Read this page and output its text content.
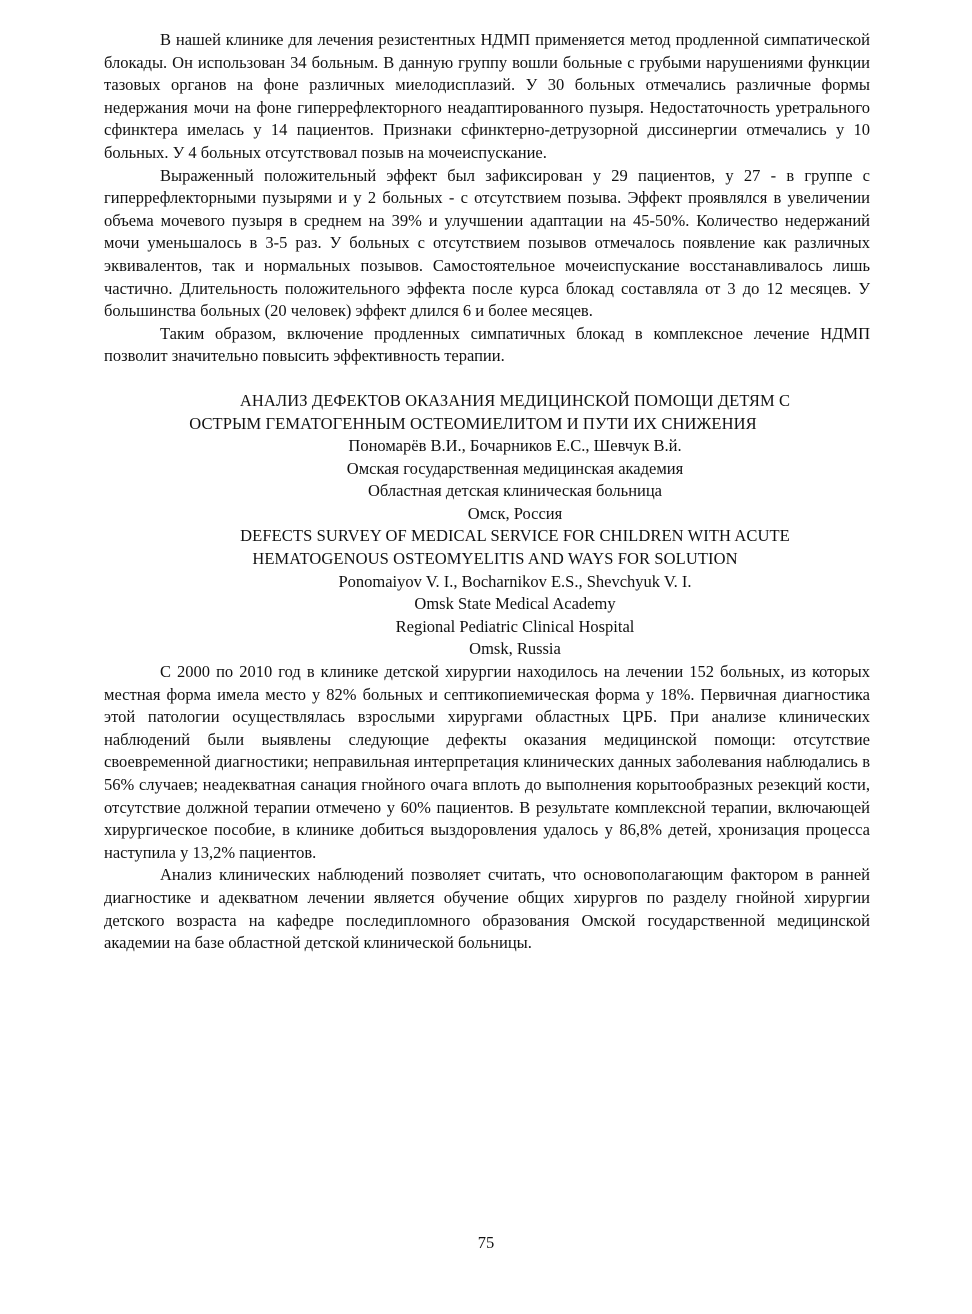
В нашей клинике для лечения резистентных НДМП применяется метод продленной симпатической блокады. Он использован 34 больным. В данную группу вошли больные с грубыми нарушениями функции тазовых органов на фоне различных миелодисплазий. У 30 больных отмечались различные формы недержания мочи на фоне гиперрефлекторного неадаптированного пузыря. Недостаточность уретрального сфинктера имелась у 14 пациентов. Признаки сфинктерно-детрузорной диссинергии отмечались у 10 больных. У 4 больных отсутствовал позыв на мочеиспускание.

Выраженный положительный эффект был зафиксирован у 29 пациентов, у 27 - в группе с гиперрефлекторными пузырями и у 2 больных - с отсутствием позыва. Эффект проявлялся в увеличении объема мочевого пузыря в среднем на 39% и улучшении адаптации на 45-50%. Количество недержаний мочи уменьшалось в 3-5 раз. У больных с отсутствием позывов отмечалось появление как различных эквивалентов, так и нормальных позывов. Самостоятельное мочеиспускание восстанавливалось лишь частично. Длительность положительного эффекта после курса блокад составляла от 3 до 12 месяцев. У большинства больных (20 человек) эффект длился 6 и более месяцев.

Таким образом, включение продленных симпатичных блокад в комплексное лечение НДМП позволит значительно повысить эффективность терапии.

АНАЛИЗ ДЕФЕКТОВ ОКАЗАНИЯ МЕДИЦИНСКОЙ ПОМОЩИ ДЕТЯМ С

ОСТРЫМ ГЕМАТОГЕННЫМ ОСТЕОМИЕЛИТОМ И ПУТИ ИХ СНИЖЕНИЯ

Пономарёв В.И., Бочарников Е.С., Шевчук В.й.

Омская государственная медицинская академия

Областная детская клиническая больница

Омск, Россия

DEFECTS SURVEY OF MEDICAL SERVICE FOR CHILDREN WITH ACUTE

HEMATOGENOUS OSTEOMYELITIS AND WAYS FOR SOLUTION

Ponomaiyov V. I., Bocharnikov E.S., Shevchyuk V. I.

Omsk State Medical Academy

Regional Pediatric Clinical Hospital

Omsk, Russia

С 2000 по 2010 год в клинике детской хирургии находилось на лечении 152 больных, из которых местная форма имела место у 82% больных и септикопиемическая форма у 18%. Первичная диагностика этой патологии осуществлялась взрослыми хирургами областных ЦРБ. При анализе клинических наблюдений были выявлены следующие дефекты оказания медицинской помощи: отсутствие своевременной диагностики; неправильная интерпретация клинических данных заболевания наблюдались в 56% случаев; неадекватная санация гнойного очага вплоть до выполнения корытообразных резекций кости, отсутствие должной терапии отмечено у 60% пациентов. В результате комплексной терапии, включающей хирургическое пособие, в клинике добиться выздоровления удалось у 86,8% детей, хронизация процесса наступила у 13,2% пациентов.

Анализ клинических наблюдений позволяет считать, что основополагающим фактором в ранней диагностике и адекватном лечении является обучение общих хирургов по разделу гнойной хирургии детского возраста на кафедре последипломного образования Омской государственной медицинской академии на базе областной детской клинической больницы.

75
